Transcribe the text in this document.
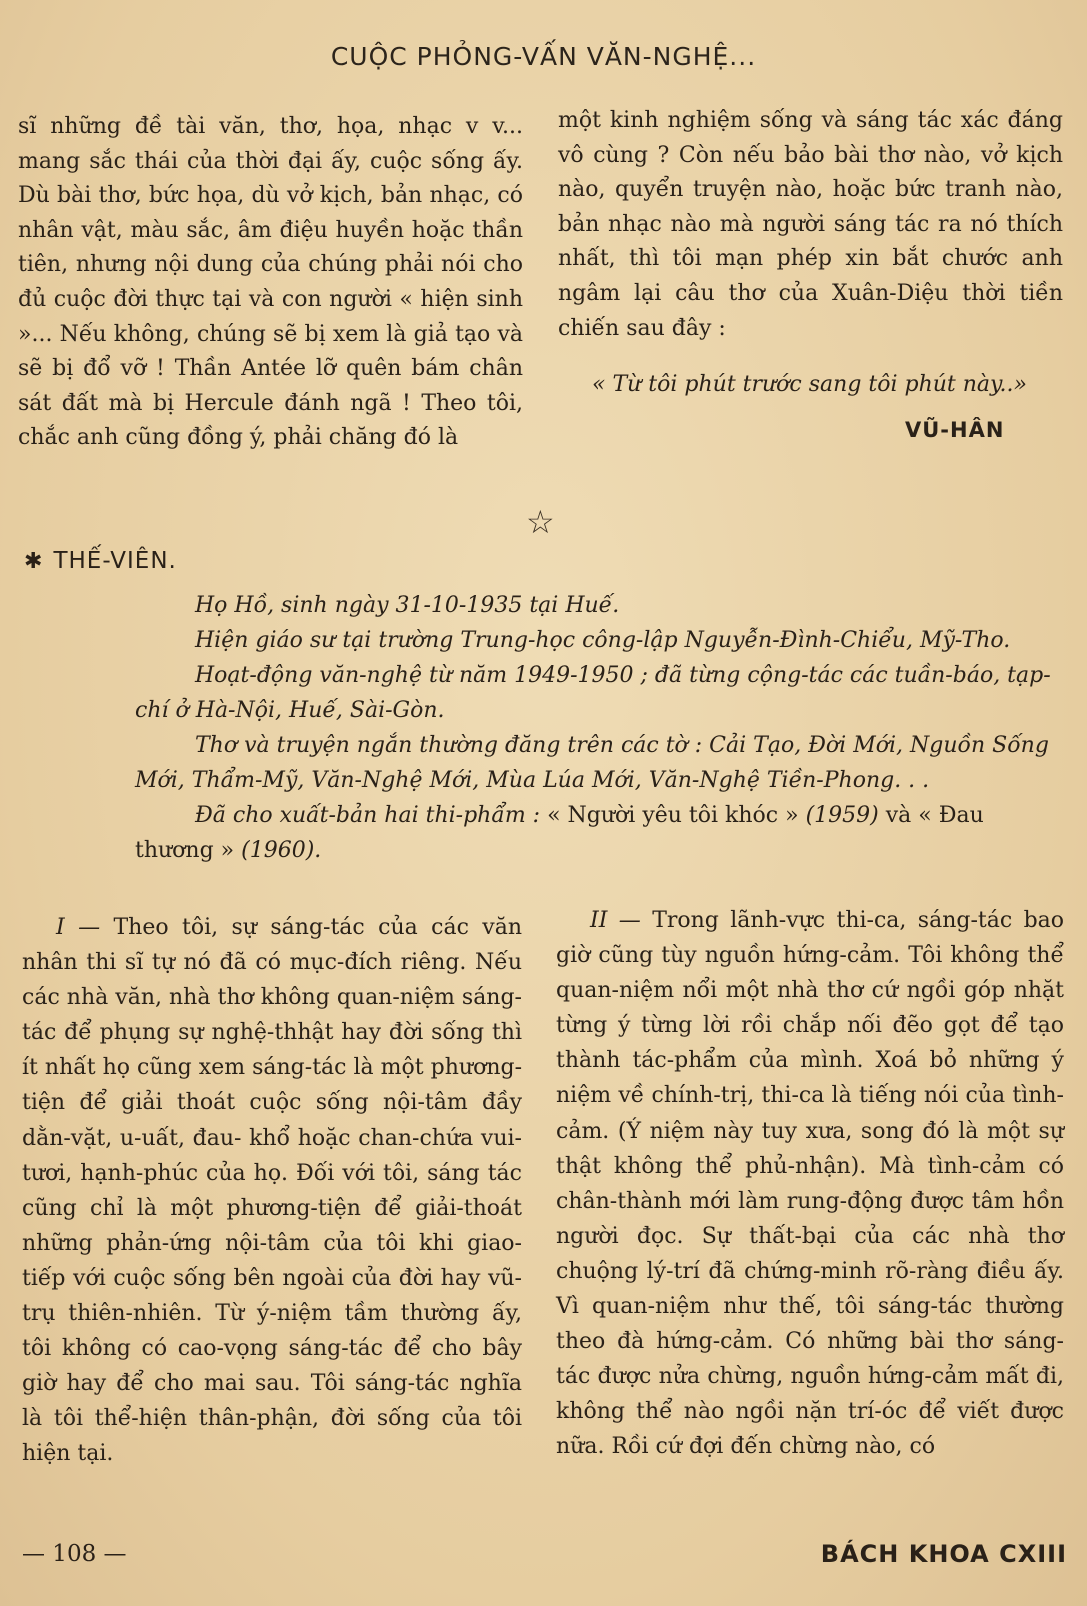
CUỘC PHỎNG-VẤN VĂN-NGHỆ...

sĩ những đề tài văn, thơ, họa, nhạc v v... mang sắc thái của thời đại ấy, cuộc sống ấy. Dù bài thơ, bức họa, dù vở kịch, bản nhạc, có nhân vật, màu sắc, âm điệu huyền hoặc thần tiên, nhưng nội dung của chúng phải nói cho đủ cuộc đời thực tại và con người « hiện sinh »... Nếu không, chúng sẽ bị xem là giả tạo và sẽ bị đổ vỡ ! Thần Antée lỡ quên bám chân sát đất mà bị Hercule đánh ngã ! Theo tôi, chắc anh cũng đồng ý, phải chăng đó là

một kinh nghiệm sống và sáng tác xác đáng vô cùng ? Còn nếu bảo bài thơ nào, vở kịch nào, quyển truyện nào, hoặc bức tranh nào, bản nhạc nào mà người sáng tác ra nó thích nhất, thì tôi mạn phép xin bắt chước anh ngâm lại câu thơ của Xuân-Diệu thời tiền chiến sau đây :

« Từ tôi phút trước sang tôi phút này..»
VŨ-HÂN
☆
✱ THẾ-VIÊN.

Họ Hồ, sinh ngày 31-10-1935 tại Huế.

Hiện giáo sư tại trường Trung-học công-lập Nguyễn-Đình-Chiểu, Mỹ-Tho.

Hoạt-động văn-nghệ từ năm 1949-1950 ; đã từng cộng-tác các tuần-báo, tạp-chí ở Hà-Nội, Huế, Sài-Gòn.

Thơ và truyện ngắn thường đăng trên các tờ : Cải Tạo, Đời Mới, Nguồn Sống Mới, Thẩm-Mỹ, Văn-Nghệ Mới, Mùa Lúa Mới, Văn-Nghệ Tiền-Phong. . .

Đã cho xuất-bản hai thi-phẩm : « Người yêu tôi khóc » (1959) và « Đau thương » (1960).

I — Theo tôi, sự sáng-tác của các văn nhân thi sĩ tự nó đã có mục-đích riêng. Nếu các nhà văn, nhà thơ không quan-niệm sáng-tác để phụng sự nghệ-thhật hay đời sống thì ít nhất họ cũng xem sáng-tác là một phương-tiện để giải thoát cuộc sống nội-tâm đầy dằn-vặt, u-uất, đau- khổ hoặc chan-chứa vui-tươi, hạnh-phúc của họ. Đối với tôi, sáng tác cũng chỉ là một phương-tiện để giải-thoát những phản-ứng nội-tâm của tôi khi giao-tiếp với cuộc sống bên ngoài của đời hay vũ-trụ thiên-nhiên. Từ ý-niệm tầm thường ấy, tôi không có cao-vọng sáng-tác để cho bây giờ hay để cho mai sau. Tôi sáng-tác nghĩa là tôi thể-hiện thân-phận, đời sống của tôi hiện tại.

II — Trong lãnh-vực thi-ca, sáng-tác bao giờ cũng tùy nguồn hứng-cảm. Tôi không thể quan-niệm nổi một nhà thơ cứ ngồi góp nhặt từng ý từng lời rồi chắp nối đẽo gọt để tạo thành tác-phẩm của mình. Xoá bỏ những ý niệm về chính-trị, thi-ca là tiếng nói của tình-cảm. (Ý niệm này tuy xưa, song đó là một sự thật không thể phủ-nhận). Mà tình-cảm có chân-thành mới làm rung-động được tâm hồn người đọc. Sự thất-bại của các nhà thơ chuộng lý-trí đã chứng-minh rõ-ràng điều ấy. Vì quan-niệm như thế, tôi sáng-tác thường theo đà hứng-cảm. Có những bài thơ sáng-tác được nửa chừng, nguồn hứng-cảm mất đi, không thể nào ngồi nặn trí-óc để viết được nữa. Rồi cứ đợi đến chừng nào, có

— 108 —	BÁCH KHOA CXIII
